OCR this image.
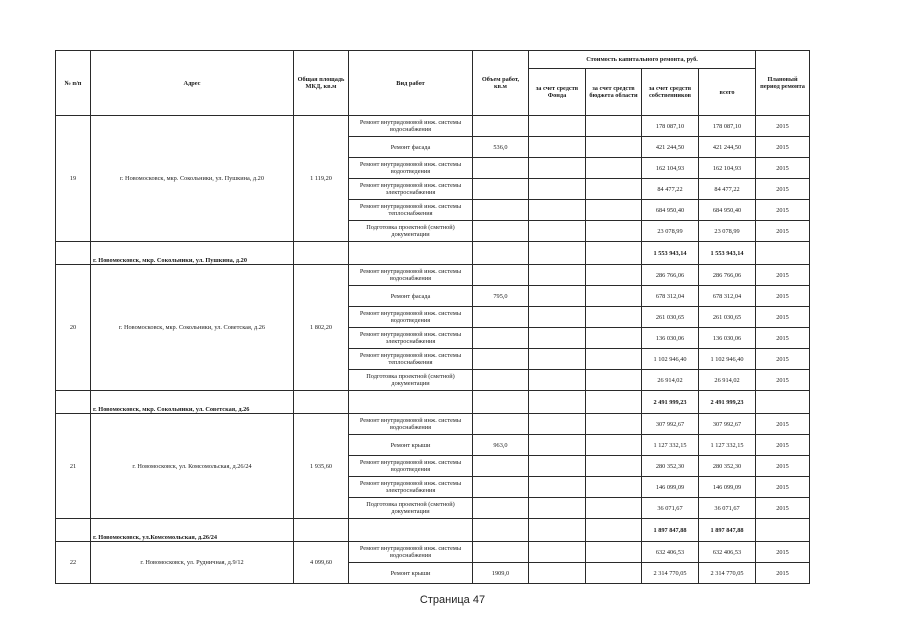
№ п/п	Адрес	Общая площадь МКД, кв.м	Вид работ	Объем работ, кв.м	Стоимость капитального ремонта, руб.				Плановый период ремонта
					за счет средств Фонда	за счет средств бюджета области	за счет средств собственников	всего	
19	г. Новомосковск, мкр. Сокольники, ул. Пушкина, д.20	1 119,20	Ремонт внутридомовой инж. системы водоснабжения				178 087,10	178 087,10	2015
			Ремонт фасада	536,0			421 244,50	421 244,50	2015
			Ремонт внутридомовой инж. системы водоотведения				162 104,93	162 104,93	2015
			Ремонт внутридомовой инж. системы электроснабжения				84 477,22	84 477,22	2015
			Ремонт внутридомовой инж. системы теплоснабжения				684 950,40	684 950,40	2015
			Подготовка проектной (сметной) документации				23 078,99	23 078,99	2015
	г. Новомосковск, мкр. Сокольники, ул. Пушкина, д.20						1 553 943,14	1 553 943,14	
20	г. Новомосковск, мкр. Сокольники, ул. Советская, д.26	1 802,20	Ремонт внутридомовой инж. системы водоснабжения				286 766,06	286 766,06	2015
			Ремонт фасада	795,0			678 312,04	678 312,04	2015
			Ремонт внутридомовой инж. системы водоотведения				261 030,65	261 030,65	2015
			Ремонт внутридомовой инж. системы электроснабжения				136 030,06	136 030,06	2015
			Ремонт внутридомовой инж. системы теплоснабжения				1 102 946,40	1 102 946,40	2015
			Подготовка проектной (сметной) документации				26 914,02	26 914,02	2015
	г. Новомосковск, мкр. Сокольники, ул. Советская, д.26						2 491 999,23	2 491 999,23	
21	г. Новомосковск, ул. Комсомольская, д.26/24	1 935,60	Ремонт внутридомовой инж. системы водоснабжения				307 992,67	307 992,67	2015
			Ремонт крыши	963,0			1 127 332,15	1 127 332,15	2015
			Ремонт внутридомовой инж. системы водоотведения				280 352,30	280 352,30	2015
			Ремонт внутридомовой инж. системы электроснабжения				146 099,09	146 099,09	2015
			Подготовка проектной (сметной) документации				36 071,67	36 071,67	2015
	г. Новомосковск, ул.Комсомольская, д.26/24						1 897 847,88	1 897 847,88	
22	г. Новомосковск, ул. Рудничная, д.9/12	4 099,60	Ремонт внутридомовой инж. системы водоснабжения				632 406,53	632 406,53	2015
			Ремонт крыши	1909,0			2 314 770,05	2 314 770,05	2015
Страница 47
